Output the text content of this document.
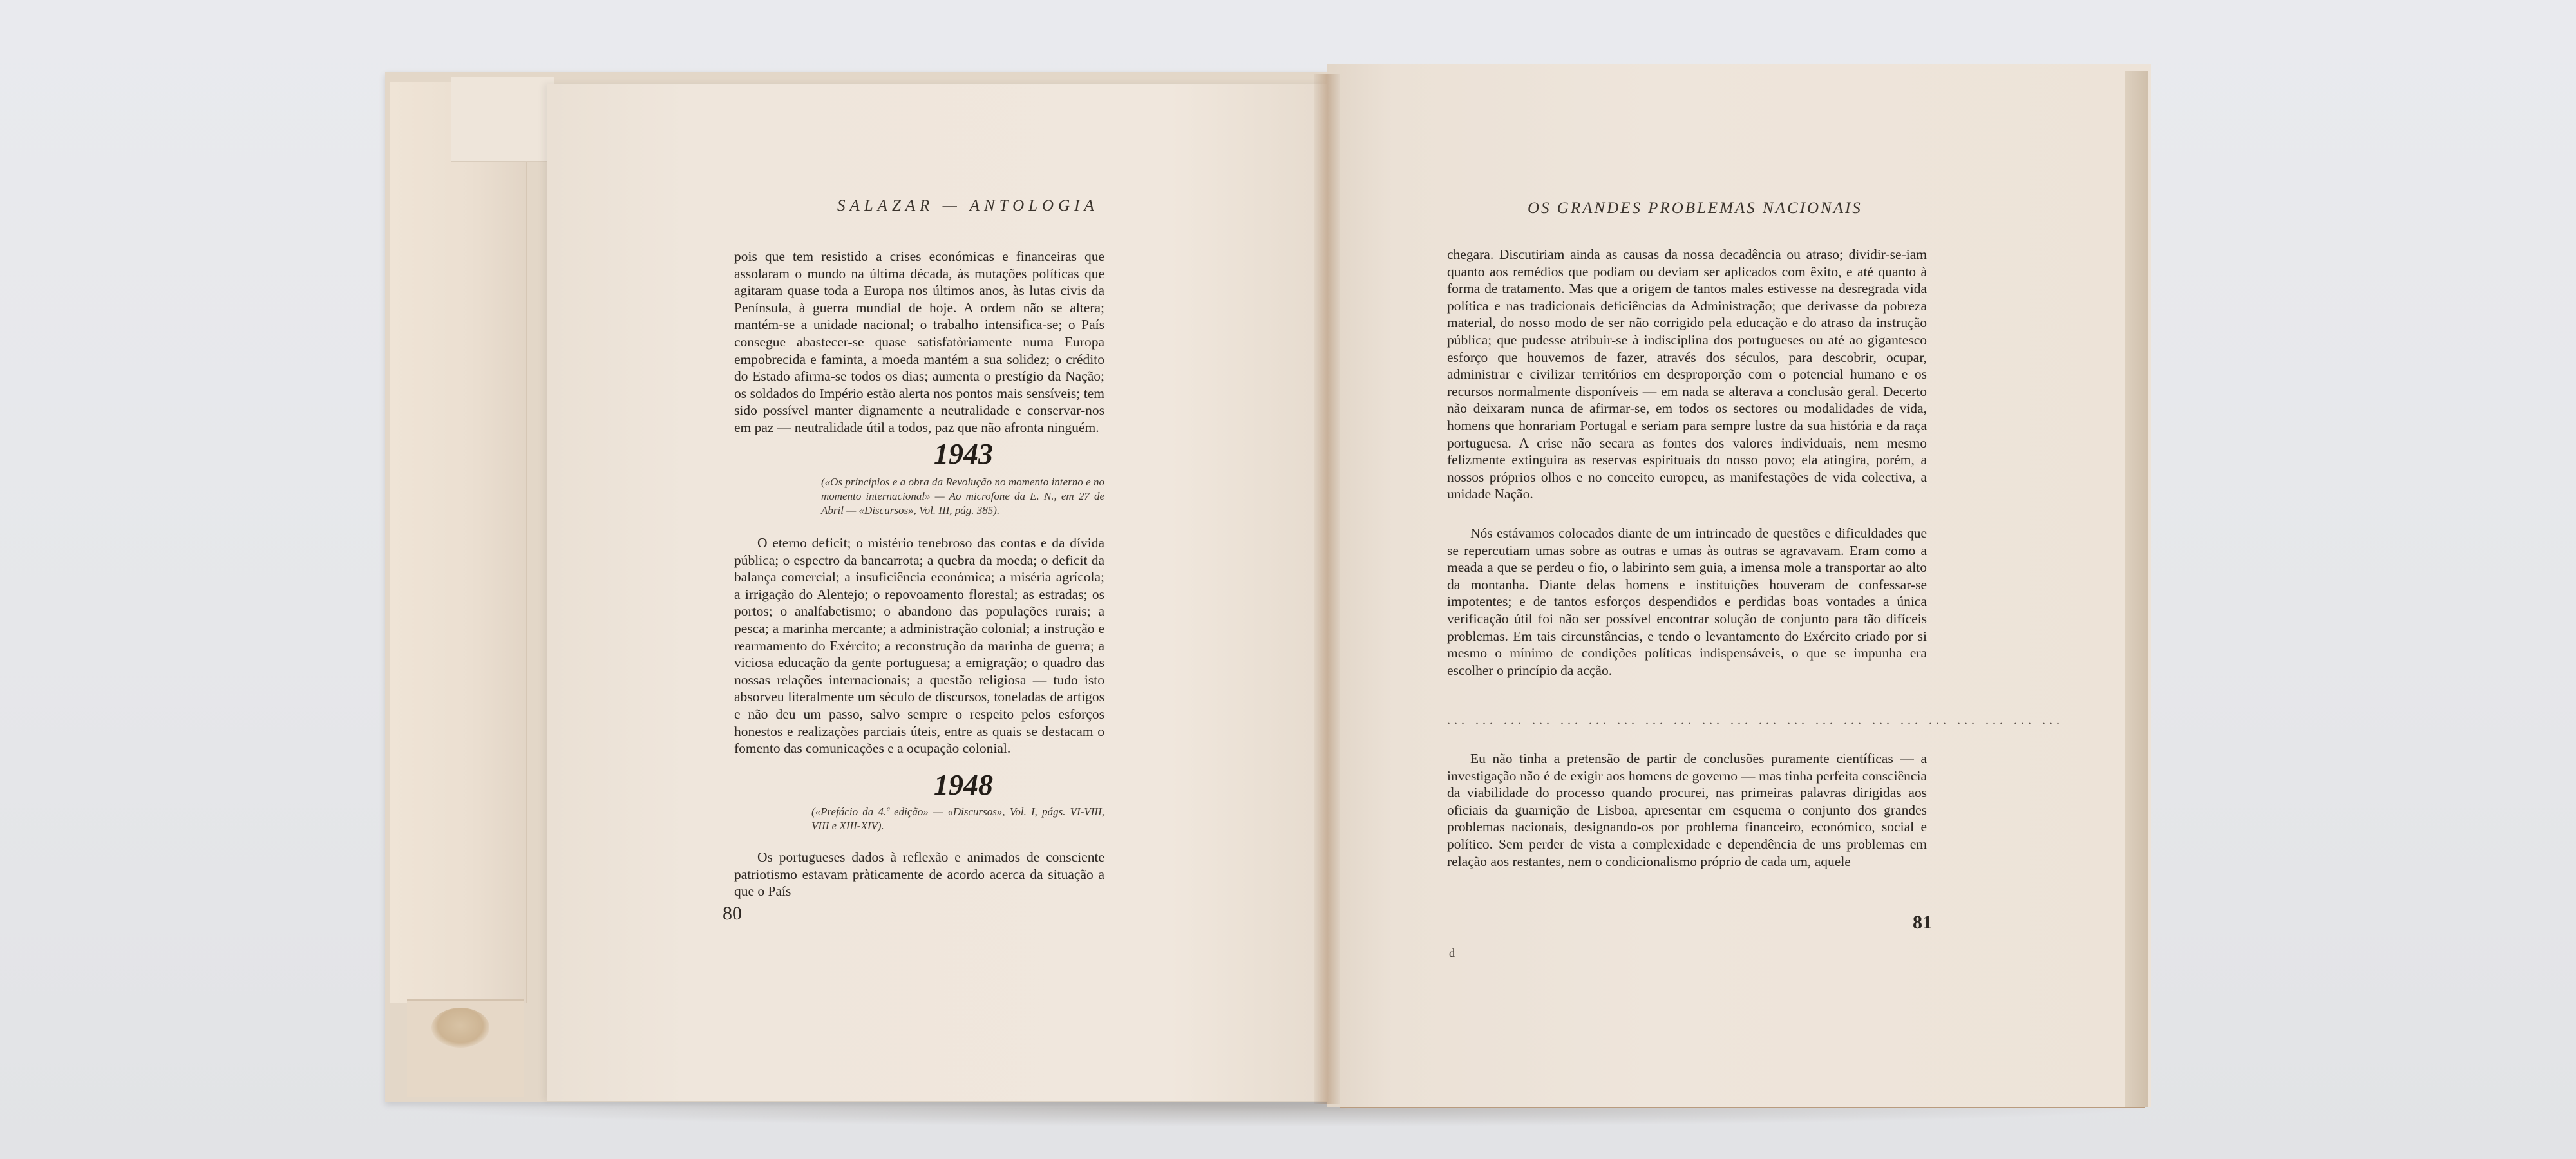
SALAZAR — ANTOLOGIA

pois que tem resistido a crises económicas e financeiras que assolaram o mundo na última década, às mutações políticas que agitaram quase toda a Europa nos últimos anos, às lutas civis da Península, à guerra mundial de hoje. A ordem não se altera; mantém-se a unidade nacional; o trabalho intensifica-se; o País consegue abastecer-se quase satisfatòriamente numa Europa empobrecida e faminta, a moeda mantém a sua solidez; o crédito do Estado afirma-se todos os dias; aumenta o prestígio da Nação; os soldados do Império estão alerta nos pontos mais sensíveis; tem sido possível manter dignamente a neutralidade e conservar-nos em paz — neutralidade útil a todos, paz que não afronta ninguém.

1943
(«Os princípios e a obra da Revolução no momento interno e no momento internacional» — Ao microfone da E. N., em 27 de Abril — «Discursos», Vol. III, pág. 385).

O eterno deficit; o mistério tenebroso das contas e da dívida pública; o espectro da bancarrota; a quebra da moeda; o deficit da balança comercial; a insuficiência económica; a miséria agrícola; a irrigação do Alentejo; o repovoamento florestal; as estradas; os portos; o analfabetismo; o abandono das populações rurais; a pesca; a marinha mercante; a administração colonial; a instrução e rearmamento do Exército; a reconstrução da marinha de guerra; a viciosa educação da gente portuguesa; a emigração; o quadro das nossas relações internacionais; a questão religiosa — tudo isto absorveu literalmente um século de discursos, toneladas de artigos e não deu um passo, salvo sempre o respeito pelos esforços honestos e realizações parciais úteis, entre as quais se destacam o fomento das comunicações e a ocupação colonial.

1948
(«Prefácio da 4.ª edição» — «Discursos», Vol. I, págs. VI-VIII, VIII e XIII-XIV).

Os portugueses dados à reflexão e animados de consciente patriotismo estavam pràticamente de acordo acerca da situação a que o País

80
OS GRANDES PROBLEMAS NACIONAIS

chegara. Discutiriam ainda as causas da nossa decadência ou atraso; dividir-se-iam quanto aos remédios que podiam ou deviam ser aplicados com êxito, e até quanto à forma de tratamento. Mas que a origem de tantos males estivesse na desregrada vida política e nas tradicionais deficiências da Administração; que derivasse da pobreza material, do nosso modo de ser não corrigido pela educação e do atraso da instrução pública; que pudesse atribuir-se à indisciplina dos portugueses ou até ao gigantesco esforço que houvemos de fazer, através dos séculos, para descobrir, ocupar, administrar e civilizar territórios em desproporção com o potencial humano e os recursos normalmente disponíveis — em nada se alterava a conclusão geral. Decerto não deixaram nunca de afirmar-se, em todos os sectores ou modalidades de vida, homens que honrariam Portugal e seriam para sempre lustre da sua história e da raça portuguesa. A crise não secara as fontes dos valores individuais, nem mesmo felizmente extinguira as reservas espirituais do nosso povo; ela atingira, porém, a nossos próprios olhos e no conceito europeu, as manifestações de vida colectiva, a unidade Nação.

Nós estávamos colocados diante de um intrincado de questões e dificuldades que se repercutiam umas sobre as outras e umas às outras se agravavam. Eram como a meada a que se perdeu o fio, o labirinto sem guia, a imensa mole a transportar ao alto da montanha. Diante delas homens e instituições houveram de confessar-se impotentes; e de tantos esforços despendidos e perdidas boas vontades a única verificação útil foi não ser possível encontrar solução de conjunto para tão difíceis problemas. Em tais circunstâncias, e tendo o levantamento do Exército criado por si mesmo o mínimo de condições políticas indispensáveis, o que se impunha era escolher o princípio da acção.

... ... ... ... ... ... ... ... ... ... ... ... ... ... ... ... ... ... ... ... ... ...

Eu não tinha a pretensão de partir de conclusões puramente científicas — a investigação não é de exigir aos homens de governo — mas tinha perfeita consciência da viabilidade do processo quando procurei, nas primeiras palavras dirigidas aos oficiais da guarnição de Lisboa, apresentar em esquema o conjunto dos grandes problemas nacionais, designando-os por problema financeiro, económico, social e político. Sem perder de vista a complexidade e dependência de uns problemas em relação aos restantes, nem o condicionalismo próprio de cada um, aquele

81
d
